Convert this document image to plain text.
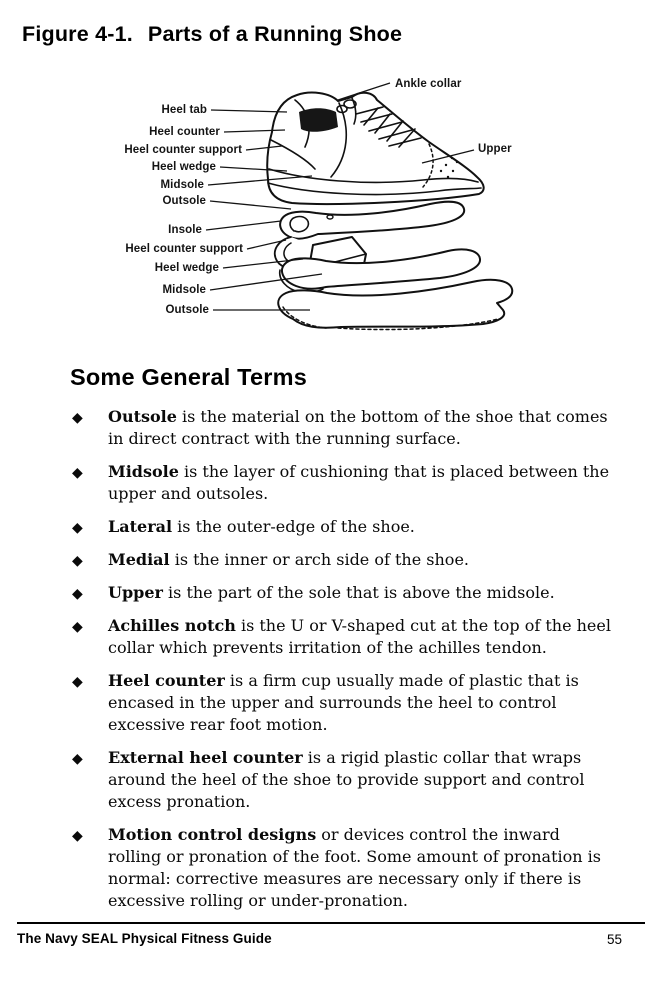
Figure 4-1. Parts of a Running Shoe
Ankle collar
Heel tab
Heel counter
Heel counter support
Heel wedge
Midsole
Outsole
Upper
Insole
Heel counter support
Heel wedge
Midsole
Outsole
Some General Terms
◆ Outsole is the material on the bottom of the shoe that comes in direct contract with the running surface.
◆ Midsole is the layer of cushioning that is placed between the upper and outsoles.
◆ Lateral is the outer-edge of the shoe.
◆ Medial is the inner or arch side of the shoe.
◆ Upper is the part of the sole that is above the midsole.
◆ Achilles notch is the U or V-shaped cut at the top of the heel collar which prevents irritation of the achilles tendon.
◆ Heel counter is a firm cup usually made of plastic that is encased in the upper and surrounds the heel to control excessive rear foot motion.
◆ External heel counter is a rigid plastic collar that wraps around the heel of the shoe to provide support and control excess pronation.
◆ Motion control designs or devices control the inward rolling or pronation of the foot. Some amount of pronation is normal: corrective measures are necessary only if there is excessive rolling or under-pronation.
The Navy SEAL Physical Fitness Guide	55
